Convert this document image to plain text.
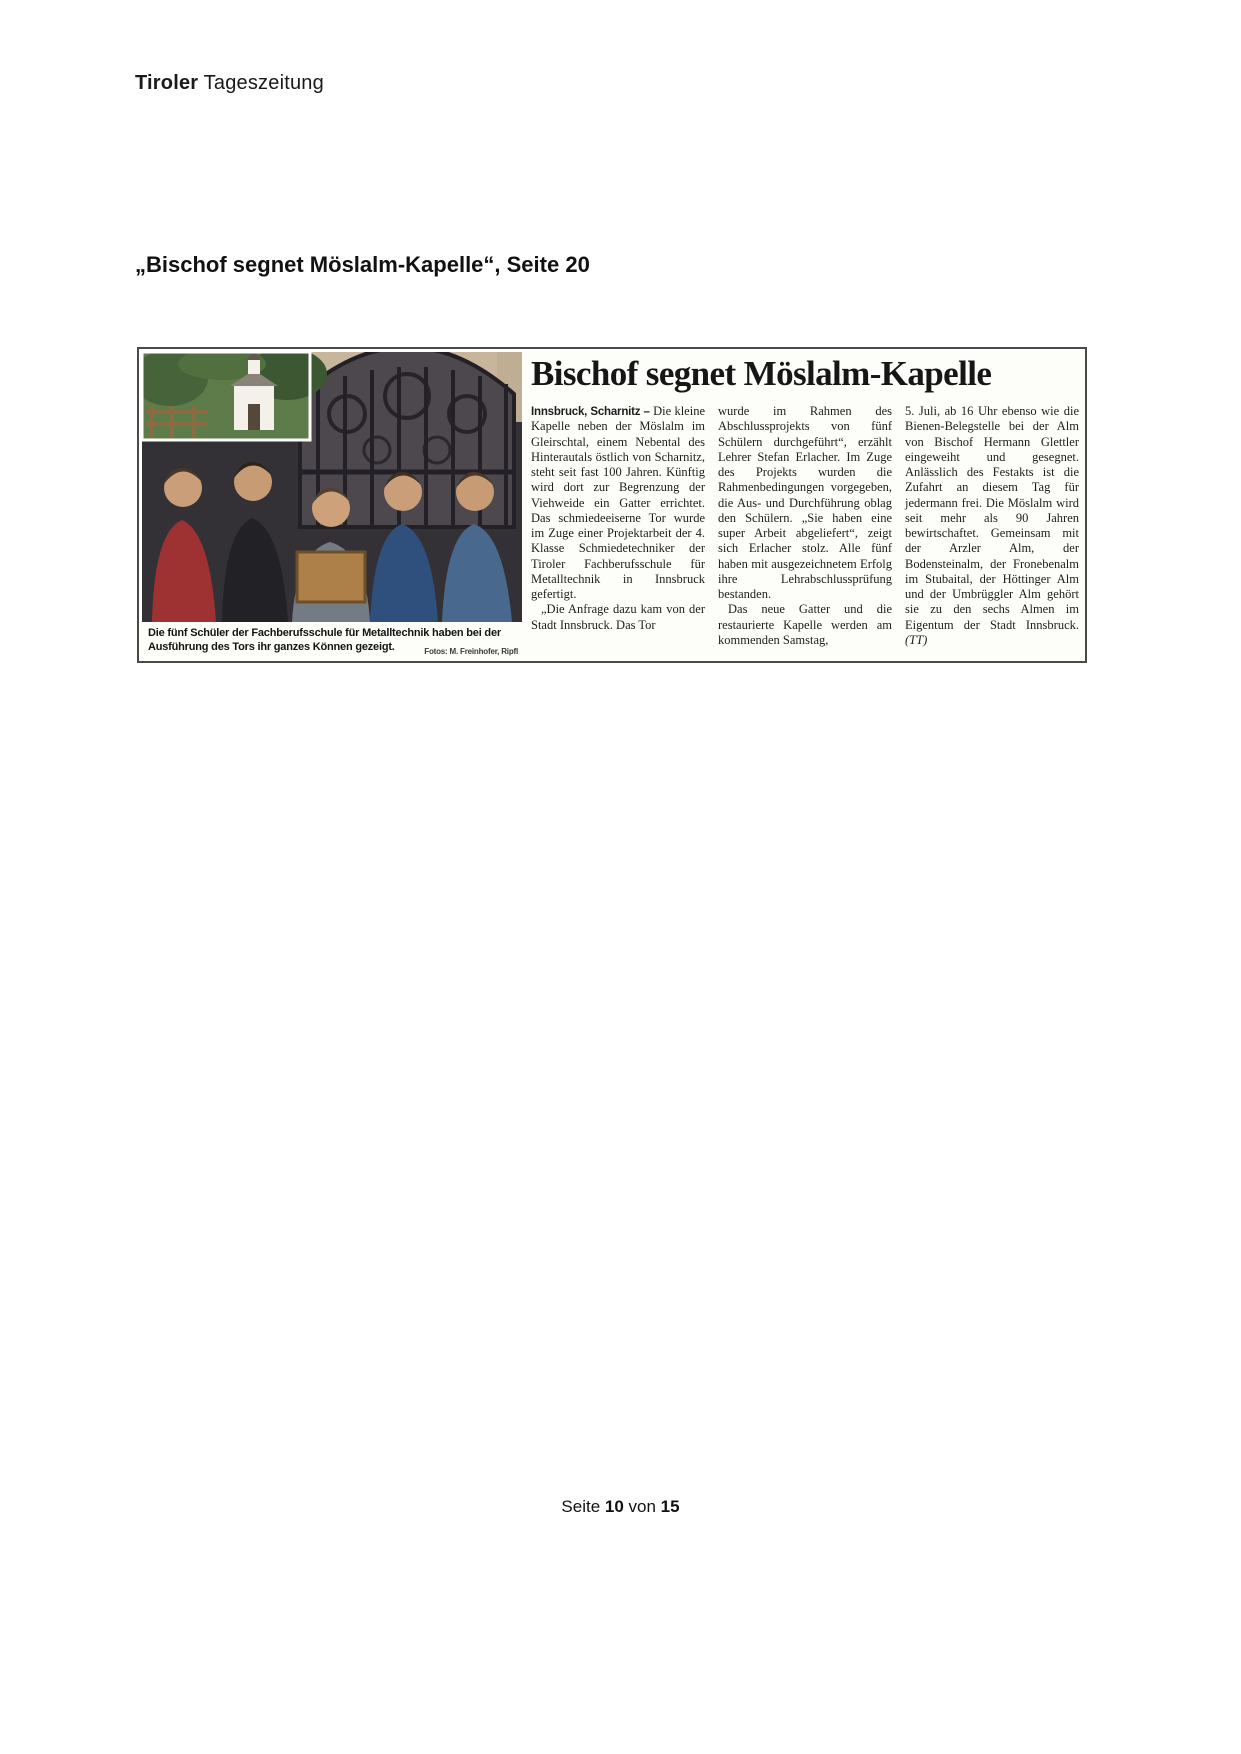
Tiroler Tageszeitung
„Bischof segnet Möslalm-Kapelle“, Seite 20
Die fünf Schüler der Fachberufsschule für Metalltechnik haben bei der Ausführung des Tors ihr ganzes Können gezeigt.	Fotos: M. Freinhofer, Ripfl
Bischof segnet Möslalm-Kapelle

Innsbruck, Scharnitz – Die kleine Kapelle neben der Möslalm im Gleirschtal, einem Nebental des Hinterautals östlich von Scharnitz, steht seit fast 100 Jahren. Künftig wird dort zur Begrenzung der Viehweide ein Gatter errichtet. Das schmiedeeiserne Tor wurde im Zuge einer Projektarbeit der 4. Klasse Schmiedetechniker der Tiroler Fachberufsschule für Metalltechnik in Innsbruck gefertigt.

„Die Anfrage dazu kam von der Stadt Innsbruck. Das Tor

wurde im Rahmen des Abschlussprojekts von fünf Schülern durchgeführt“, erzählt Lehrer Stefan Erlacher. Im Zuge des Projekts wurden die Rahmenbedingungen vorgegeben, die Aus- und Durchführung oblag den Schülern. „Sie haben eine super Arbeit abgeliefert“, zeigt sich Erlacher stolz. Alle fünf haben mit ausgezeichnetem Erfolg ihre Lehrabschlussprüfung bestanden.

Das neue Gatter und die restaurierte Kapelle werden am kommenden Samstag,

5. Juli, ab 16 Uhr ebenso wie die Bienen-Belegstelle bei der Alm von Bischof Hermann Glettler eingeweiht und gesegnet. Anlässlich des Festakts ist die Zufahrt an diesem Tag für jedermann frei. Die Möslalm wird seit mehr als 90 Jahren bewirtschaftet. Gemeinsam mit der Arzler Alm, der Bodensteinalm, der Fronebenalm im Stubaital, der Höttinger Alm und der Umbrüggler Alm gehört sie zu den sechs Almen im Eigentum der Stadt Innsbruck. (TT)

Seite 10 von 15
